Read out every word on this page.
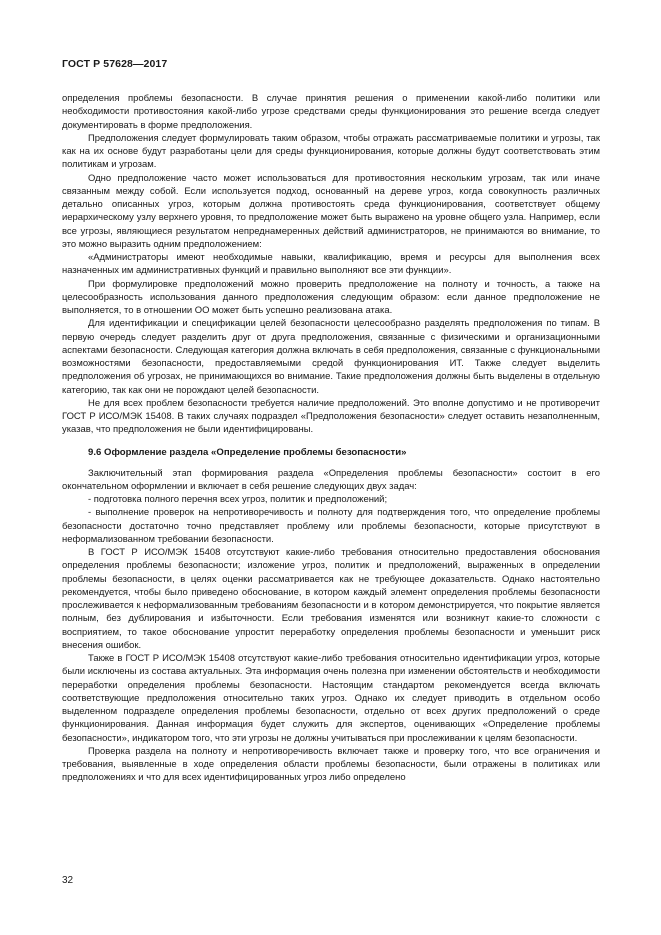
ГОСТ Р 57628—2017

определения проблемы безопасности. В случае принятия решения о применении какой-либо политики или необходимости противостояния какой-либо угрозе средствами среды функционирования это решение всегда следует документировать в форме предположения.

Предположения следует формулировать таким образом, чтобы отражать рассматриваемые политики и угрозы, так как на их основе будут разработаны цели для среды функционирования, которые должны будут соответствовать этим политикам и угрозам.

Одно предположение часто может использоваться для противостояния нескольким угрозам, так или иначе связанным между собой. Если используется подход, основанный на дереве угроз, когда совокупность различных детально описанных угроз, которым должна противостоять среда функционирования, соответствует общему иерархическому узлу верхнего уровня, то предположение может быть выражено на уровне общего узла. Например, если все угрозы, являющиеся результатом непреднамеренных действий администраторов, не принимаются во внимание, то это можно выразить одним предположением:

«Администраторы имеют необходимые навыки, квалификацию, время и ресурсы для выполнения всех назначенных им административных функций и правильно выполняют все эти функции».

При формулировке предположений можно проверить предположение на полноту и точность, а также на целесообразность использования данного предположения следующим образом: если данное предположение не выполняется, то в отношении ОО может быть успешно реализована атака.

Для идентификации и спецификации целей безопасности целесообразно разделять предположения по типам. В первую очередь следует разделить друг от друга предположения, связанные с физическими и организационными аспектами безопасности. Следующая категория должна включать в себя предположения, связанные с функциональными возможностями безопасности, предоставляемыми средой функционирования ИТ. Также следует выделить предположения об угрозах, не принимающихся во внимание. Такие предположения должны быть выделены в отдельную категорию, так как они не порождают целей безопасности.

Не для всех проблем безопасности требуется наличие предположений. Это вполне допустимо и не противоречит ГОСТ Р ИСО/МЭК 15408. В таких случаях подраздел «Предположения безопасности» следует оставить незаполненным, указав, что предположения не были идентифицированы.

9.6 Оформление раздела «Определение проблемы безопасности»

Заключительный этап формирования раздела «Определения проблемы безопасности» состоит в его окончательном оформлении и включает в себя решение следующих двух задач:

- подготовка полного перечня всех угроз, политик и предположений;

- выполнение проверок на непротиворечивость и полноту для подтверждения того, что определение проблемы безопасности достаточно точно представляет проблему или проблемы безопасности, которые присутствуют в неформализованном требовании безопасности.

В ГОСТ Р ИСО/МЭК 15408 отсутствуют какие-либо требования относительно предоставления обоснования определения проблемы безопасности; изложение угроз, политик и предположений, выраженных в определении проблемы безопасности, в целях оценки рассматривается как не требующее доказательств. Однако настоятельно рекомендуется, чтобы было приведено обоснование, в котором каждый элемент определения проблемы безопасности прослеживается к неформализованным требованиям безопасности и в котором демонстрируется, что покрытие является полным, без дублирования и избыточности. Если требования изменятся или возникнут какие-то сложности с восприятием, то такое обоснование упростит переработку определения проблемы безопасности и уменьшит риск внесения ошибок.

Также в ГОСТ Р ИСО/МЭК 15408 отсутствуют какие-либо требования относительно идентификации угроз, которые были исключены из состава актуальных. Эта информация очень полезна при изменении обстоятельств и необходимости переработки определения проблемы безопасности. Настоящим стандартом рекомендуется всегда включать соответствующие предположения относительно таких угроз. Однако их следует приводить в отдельном особо выделенном подразделе определения проблемы безопасности, отдельно от всех других предположений о среде функционирования. Данная информация будет служить для экспертов, оценивающих «Определение проблемы безопасности», индикатором того, что эти угрозы не должны учитываться при прослеживании к целям безопасности.

Проверка раздела на полноту и непротиворечивость включает также и проверку того, что все ограничения и требования, выявленные в ходе определения области проблемы безопасности, были отражены в политиках или предположениях и что для всех идентифицированных угроз либо определено

32
